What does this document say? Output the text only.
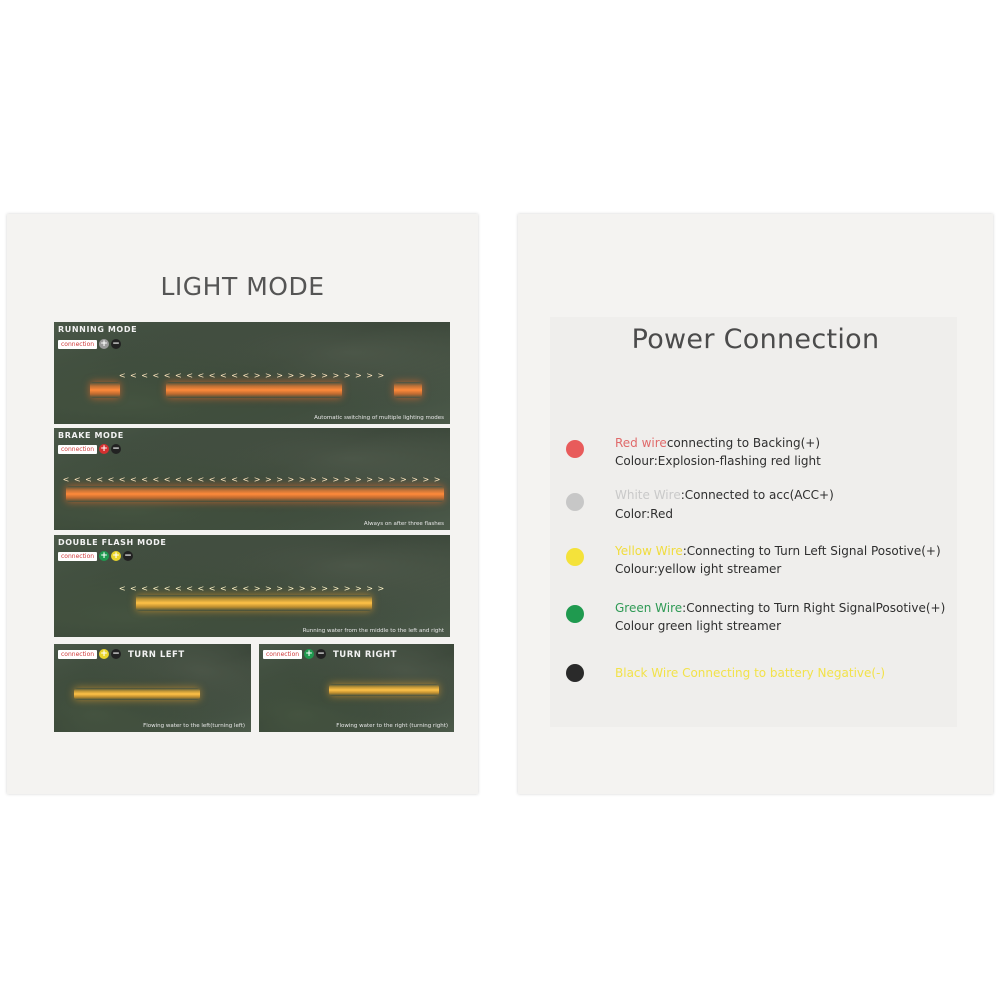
LIGHT MODE
RUNNING MODE
connection + −
< < < < < < < < < < < < > > > > > > > > > > > >
Automatic switching of multiple lighting modes
BRAKE MODE
connection + −
< < < < < < < < < < < < < < < < < > > > > > > > > > > > > > > > > >
Always on after three flashes
DOUBLE FLASH MODE
connection + + −
< < < < < < < < < < < < > > > > > > > > > > > >
Running water from the middle to the left and right
connection + − TURN LEFT
Flowing water to the left(turning left)
connection + − TURN RIGHT
Flowing water to the right (turning right)
Power Connection
Red wireconnecting to Backing(+)
Colour:Explosion-flashing red light
White Wire:Connected to acc(ACC+)
Color:Red
Yellow Wire:Connecting to Turn Left Signal Posotive(+)
Colour:yellow ight streamer
Green Wire:Connecting to Turn Right SignalPosotive(+)
Colour green light streamer
Black Wire Connecting to battery Negative(-)
